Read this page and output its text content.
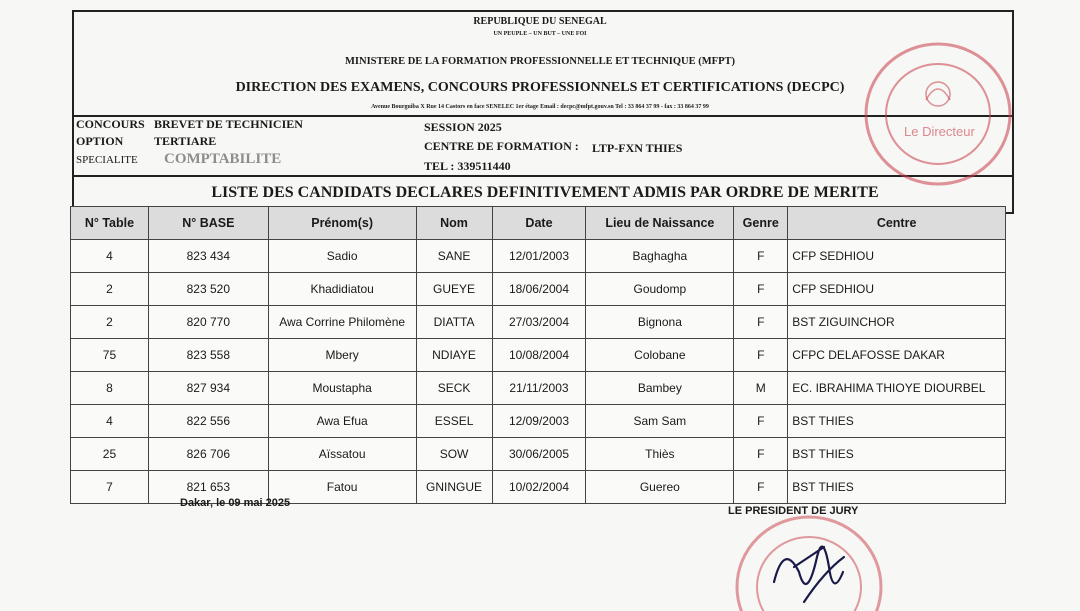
REPUBLIQUE DU SENEGAL
UN PEUPLE – UN BUT – UNE FOI
MINISTERE DE LA FORMATION PROFESSIONNELLE ET TECHNIQUE (MFPT)
DIRECTION DES EXAMENS, CONCOURS PROFESSIONNELS ET CERTIFICATIONS (DECPC)
Avenue Bourguiba X Rue 14 Castors en face SENELEC 1er étage Email : decpc@mfpt.gouv.sn Tel : 33 864 37 99 - fax : 33 864 37 99
CONCOURS BREVET DE TECHNICIEN
OPTION	TERTIARE
SPECIALITE COMPTABILITE
SESSION 2025
CENTRE DE FORMATION : LTP-FXN THIES
TEL : 339511440
LISTE DES CANDIDATS DECLARES DEFINITIVEMENT ADMIS PAR ORDRE DE MERITE
N° Table	N° BASE	Prénom(s)	Nom	Date	Lieu de Naissance	Genre	Centre
4	823 434	Sadio	SANE	12/01/2003	Baghagha	F	CFP SEDHIOU
2	823 520	Khadidiatou	GUEYE	18/06/2004	Goudomp	F	CFP SEDHIOU
2	820 770	Awa Corrine Philomène	DIATTA	27/03/2004	Bignona	F	BST ZIGUINCHOR
75	823 558	Mbery	NDIAYE	10/08/2004	Colobane	F	CFPC DELAFOSSE DAKAR
8	827 934	Moustapha	SECK	21/11/2003	Bambey	M	EC. IBRAHIMA THIOYE DIOURBEL
4	822 556	Awa Efua	ESSEL	12/09/2003	Sam Sam	F	BST THIES
25	826 706	Aïssatou	SOW	30/06/2005	Thiès	F	BST THIES
7	821 653	Fatou	GNINGUE	10/02/2004	Guereo	F	BST THIES
Dakar, le 09 mai 2025
LE PRESIDENT DE JURY
Le Directeur
